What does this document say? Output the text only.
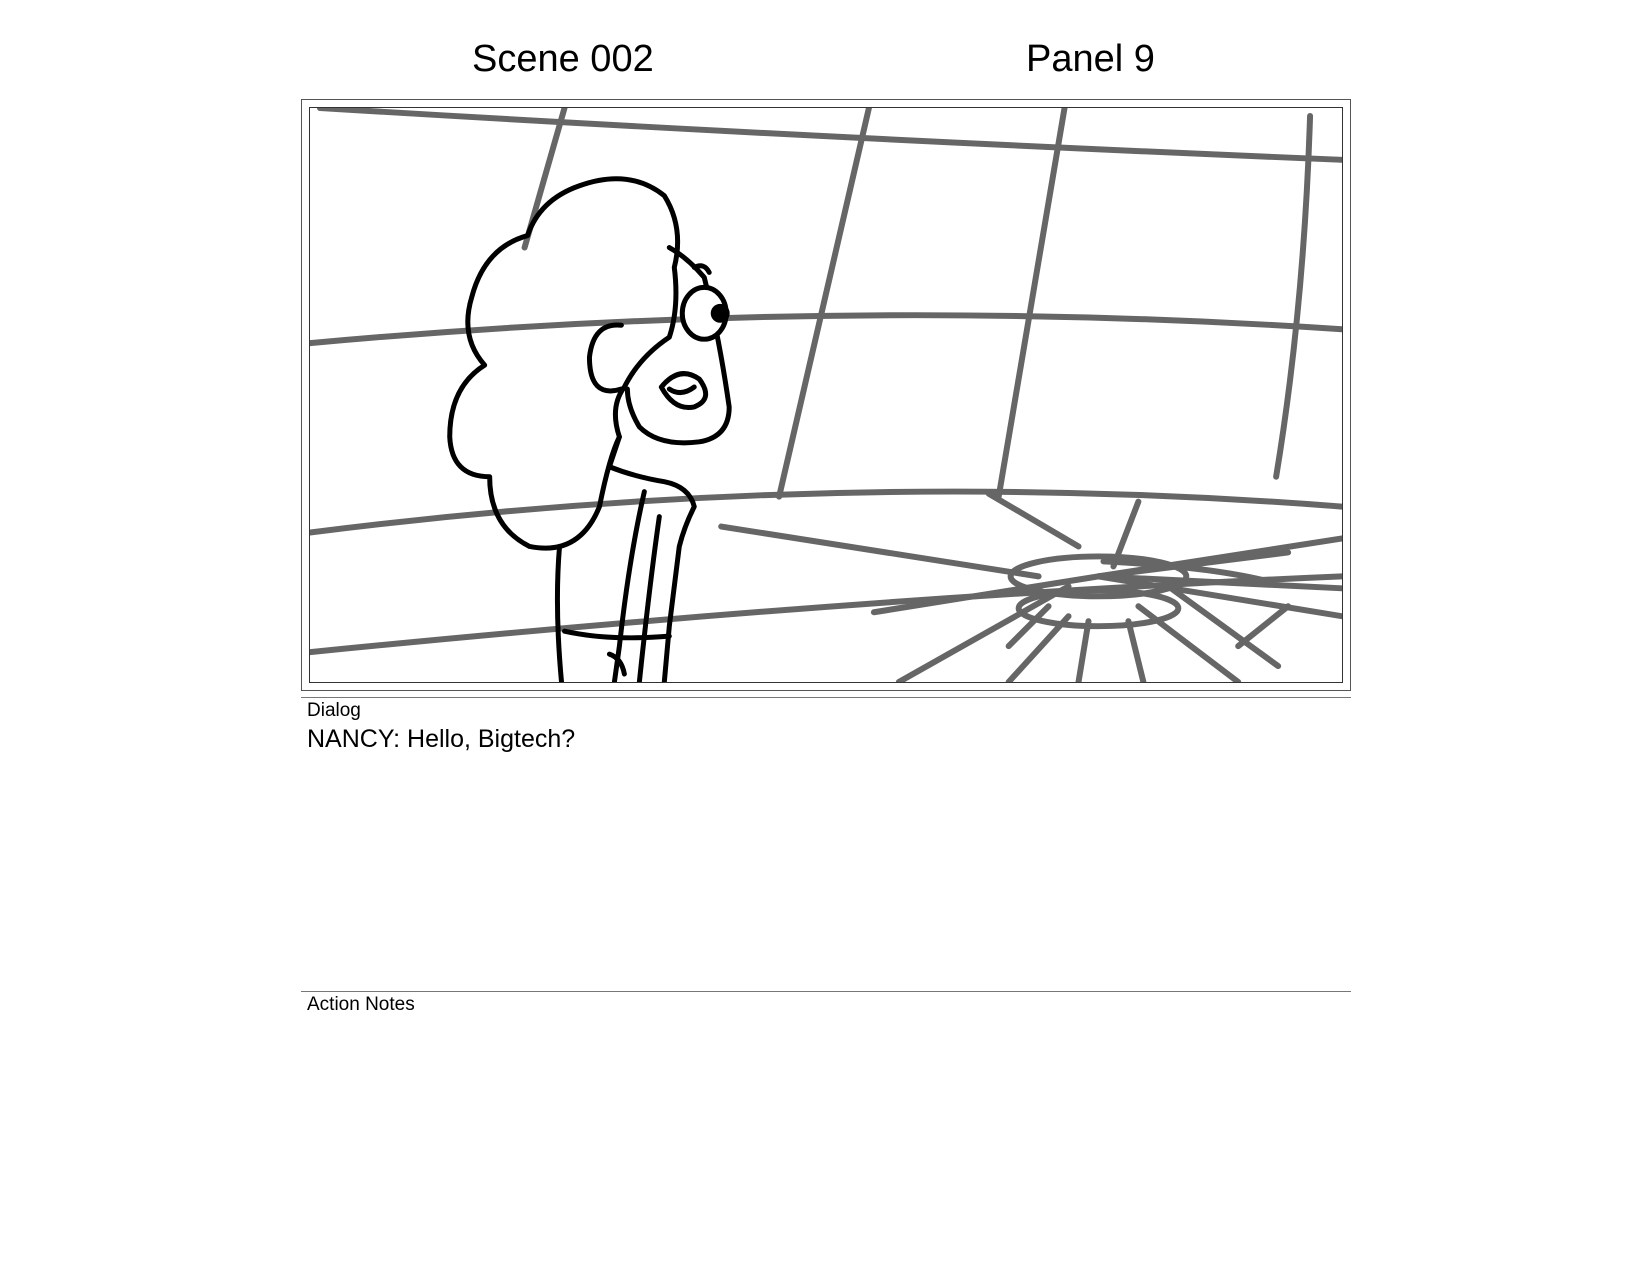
Scene 002	Panel 9
Dialog
NANCY: Hello, Bigtech?
Action Notes
